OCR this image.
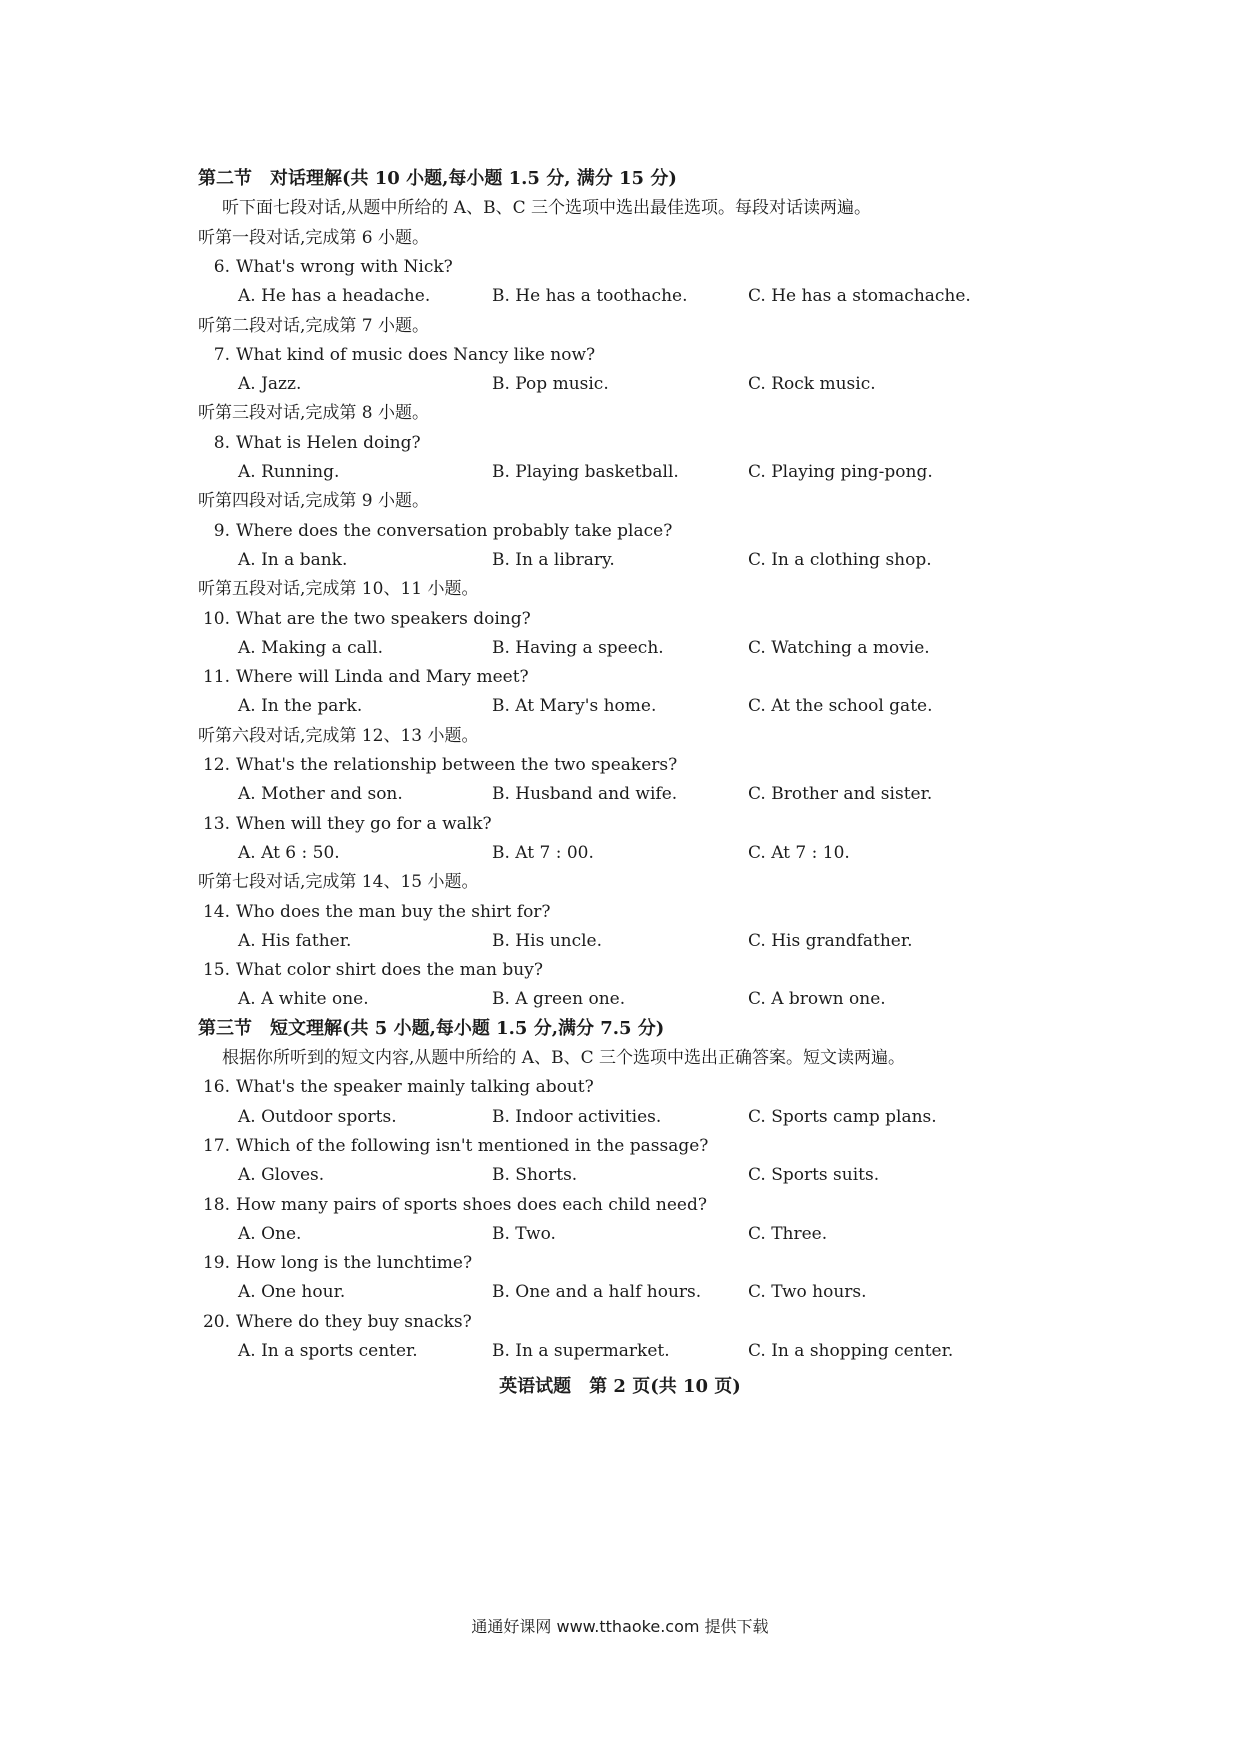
第二节　对话理解(共 10 小题,每小题 1.5 分, 满分 15 分)
听下面七段对话,从题中所给的 A、B、C 三个选项中选出最佳选项。每段对话读两遍。
听第一段对话,完成第 6 小题。
6. What's wrong with Nick?
A. He has a headache.	B. He has a toothache.	C. He has a stomachache.
听第二段对话,完成第 7 小题。
7. What kind of music does Nancy like now?
A. Jazz.	B. Pop music.	C. Rock music.
听第三段对话,完成第 8 小题。
8. What is Helen doing?
A. Running.	B. Playing basketball.	C. Playing ping-pong.
听第四段对话,完成第 9 小题。
9. Where does the conversation probably take place?
A. In a bank.	B. In a library.	C. In a clothing shop.
听第五段对话,完成第 10、11 小题。
10. What are the two speakers doing?
A. Making a call.	B. Having a speech.	C. Watching a movie.
11. Where will Linda and Mary meet?
A. In the park.	B. At Mary's home.	C. At the school gate.
听第六段对话,完成第 12、13 小题。
12. What's the relationship between the two speakers?
A. Mother and son.	B. Husband and wife.	C. Brother and sister.
13. When will they go for a walk?
A. At 6 : 50.	B. At 7 : 00.	C. At 7 : 10.
听第七段对话,完成第 14、15 小题。
14. Who does the man buy the shirt for?
A. His father.	B. His uncle.	C. His grandfather.
15. What color shirt does the man buy?
A. A white one.	B. A green one.	C. A brown one.
第三节　短文理解(共 5 小题,每小题 1.5 分,满分 7.5 分)
根据你所听到的短文内容,从题中所给的 A、B、C 三个选项中选出正确答案。短文读两遍。
16. What's the speaker mainly talking about?
A. Outdoor sports.	B. Indoor activities.	C. Sports camp plans.
17. Which of the following isn't mentioned in the passage?
A. Gloves.	B. Shorts.	C. Sports suits.
18. How many pairs of sports shoes does each child need?
A. One.	B. Two.	C. Three.
19. How long is the lunchtime?
A. One hour.	B. One and a half hours.	C. Two hours.
20. Where do they buy snacks?
A. In a sports center.	B. In a supermarket.	C. In a shopping center.
英语试题　第 2 页(共 10 页)
通通好课网 www.tthaoke.com 提供下载
